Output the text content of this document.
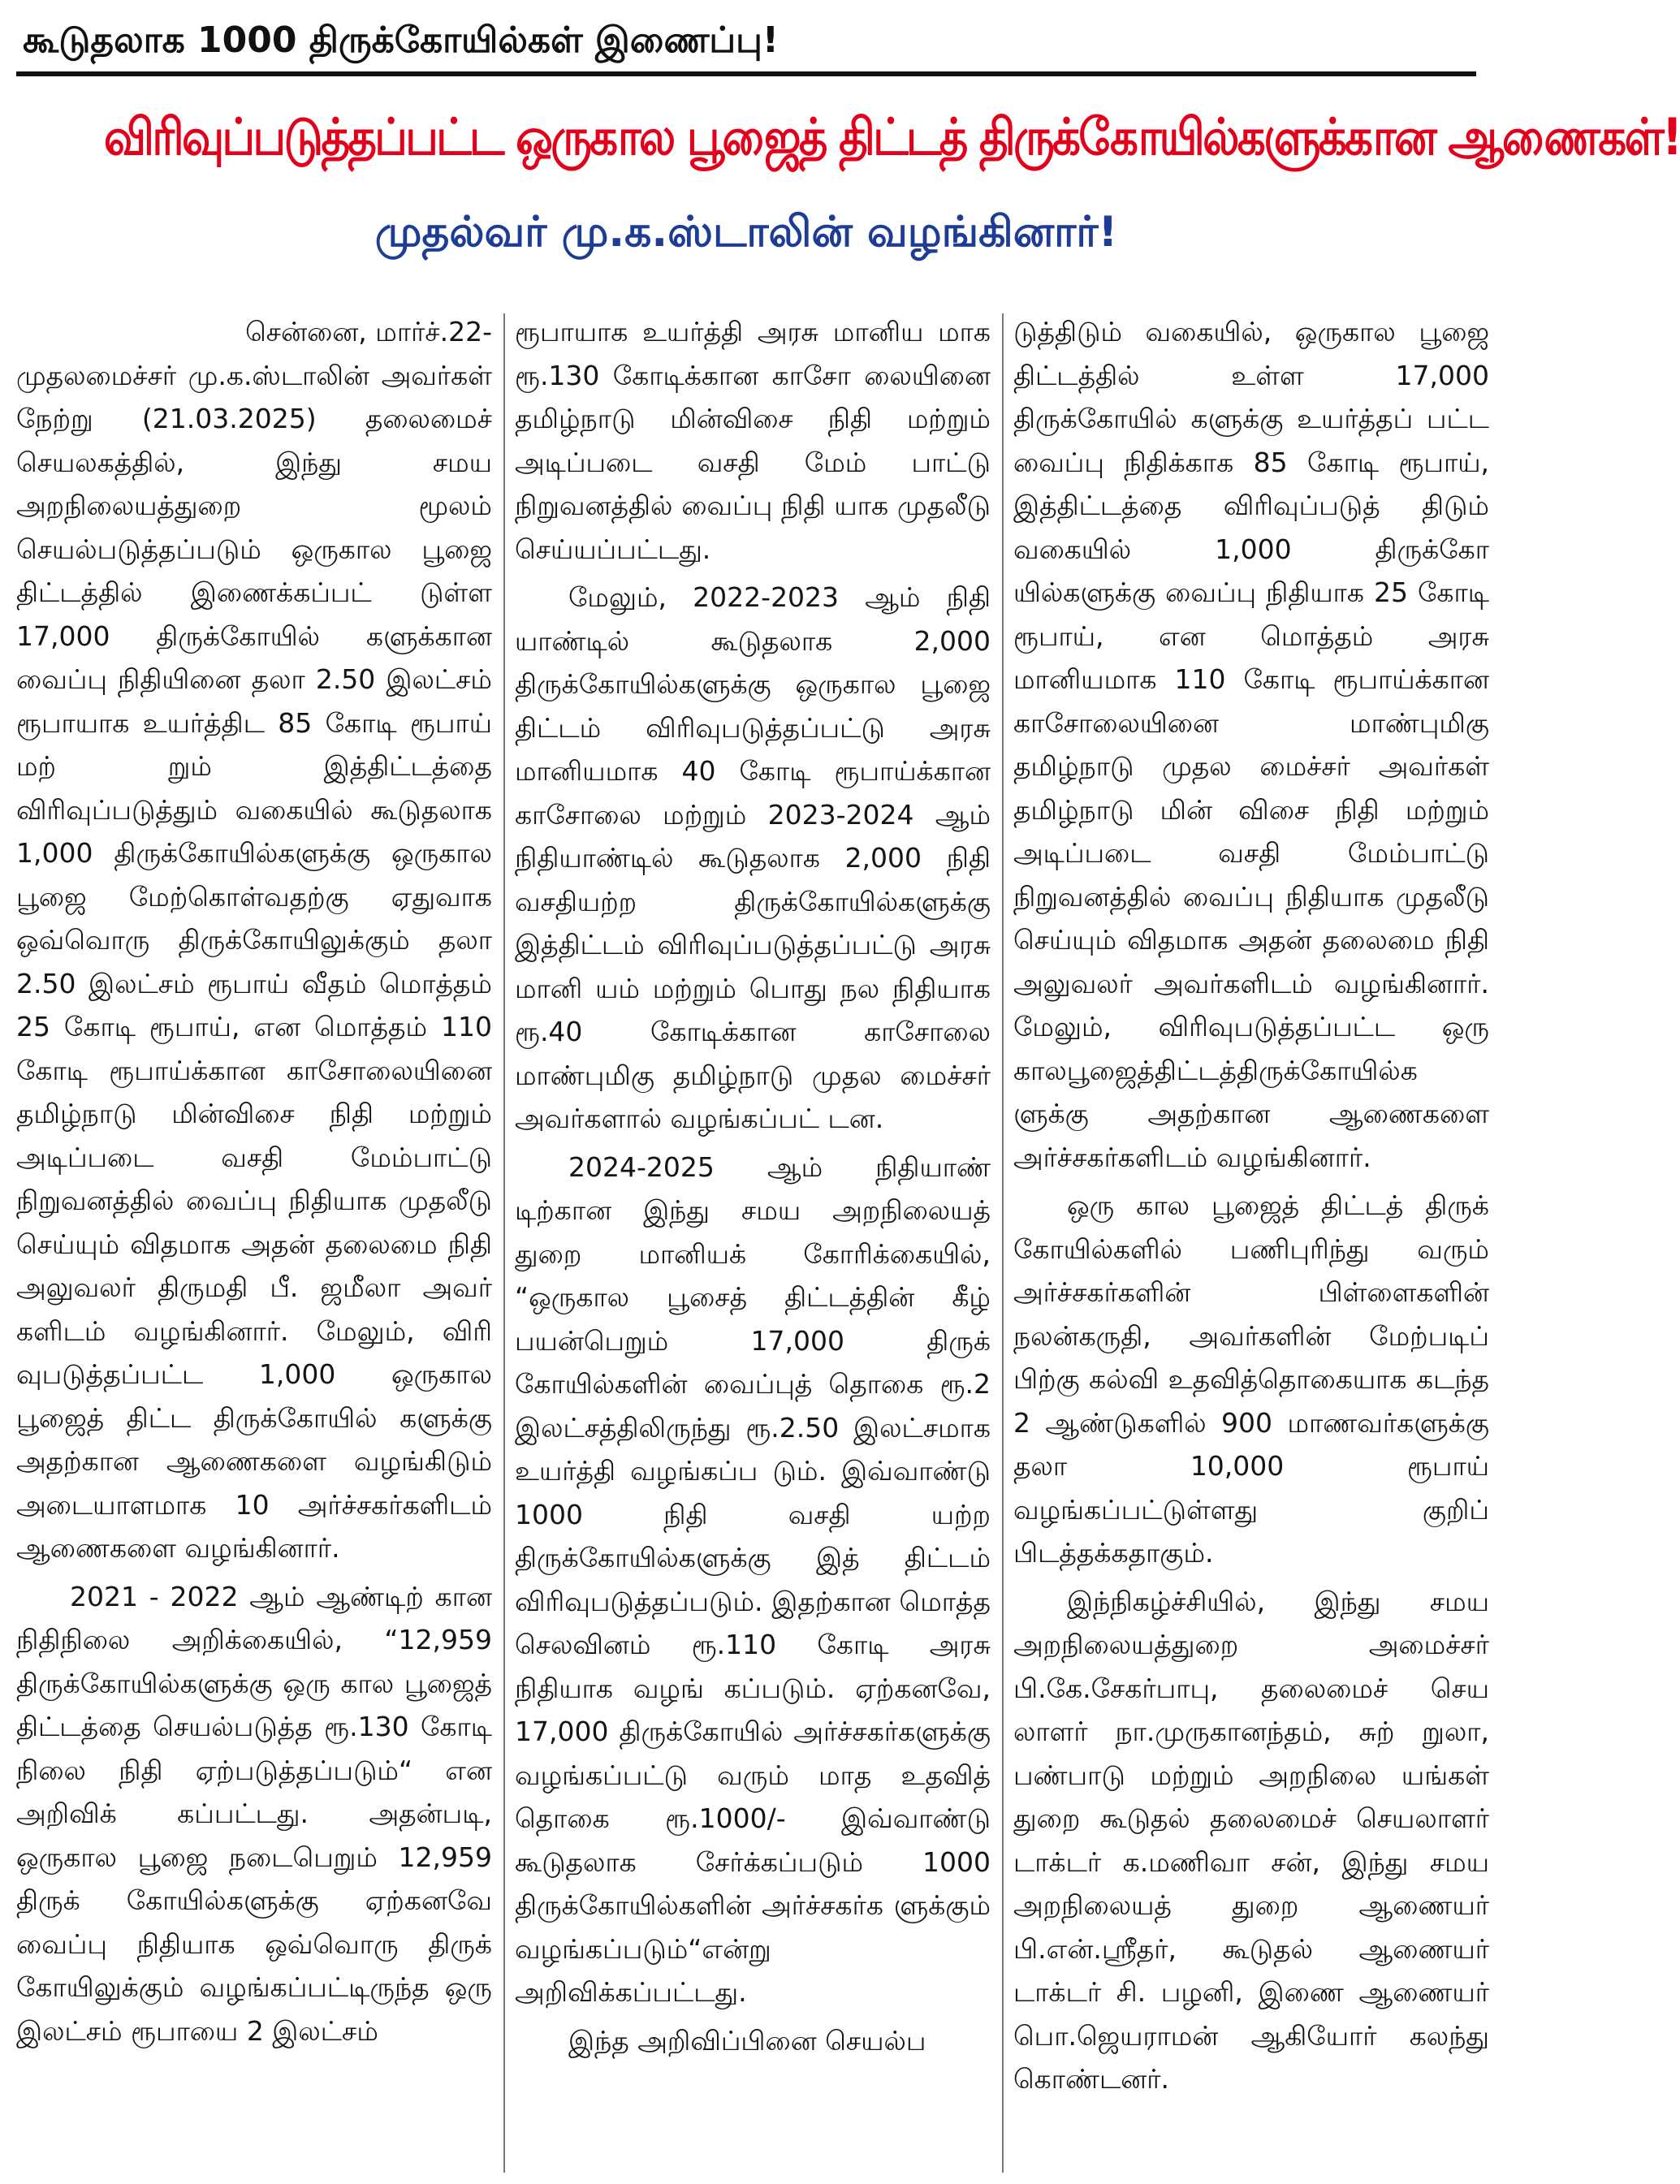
கூடுதலாக 1000 திருக்கோயில்கள் இணைப்பு!
விரிவுப்படுத்தப்பட்ட ஒருகால பூஜைத் திட்டத் திருக்கோயில்களுக்கான ஆணைகள்!
முதல்வர் மு.க.ஸ்டாலின் வழங்கினார்!
சென்னை, மார்ச்.22-

முதலமைச்சர் மு.க.ஸ்டாலின் அவர்கள் நேற்று (21.03.2025) தலைமைச் செயலகத்தில், இந்து சமய அறநிலையத்துறை மூலம் செயல்படுத்தப்படும் ஒருகால பூஜை திட்டத்தில் இணைக்கப்பட் டுள்ள 17,000 திருக்கோயில் களுக்கான வைப்பு நிதியினை தலா 2.50 இலட்சம் ரூபாயாக உயர்த்திட 85 கோடி ரூபாய் மற் றும் இத்திட்டத்தை விரிவுப்படுத்தும் வகையில் கூடுதலாக 1,000 திருக்கோயில்களுக்கு ஒருகால பூஜை மேற்கொள்வதற்கு ஏதுவாக ஒவ்வொரு திருக்கோயிலுக்கும் தலா 2.50 இலட்சம் ரூபாய் வீதம் மொத்தம் 25 கோடி ரூபாய், என மொத்தம் 110 கோடி ரூபாய்க்கான காசோலையினை தமிழ்நாடு மின்விசை நிதி மற்றும் அடிப்படை வசதி மேம்பாட்டு நிறுவனத்தில் வைப்பு நிதியாக முதலீடு செய்யும் விதமாக அதன் தலைமை நிதி அலுவலர் திருமதி பீ. ஜமீலா அவர் களிடம் வழங்கினார். மேலும், விரி வுபடுத்தப்பட்ட 1,000 ஒருகால பூஜைத் திட்ட திருக்கோயில் களுக்கு அதற்கான ஆணைகளை வழங்கிடும் அடையாளமாக 10 அர்ச்சகர்களிடம் ஆணைகளை வழங்கினார்.

2021 - 2022 ஆம் ஆண்டிற் கான நிதிநிலை அறிக்கையில், “12,959 திருக்கோயில்களுக்கு ஒரு கால பூஜைத் திட்டத்தை செயல்படுத்த ரூ.130 கோடி நிலை நிதி ஏற்படுத்தப்படும்“ என அறிவிக் கப்பட்டது. அதன்படி, ஒருகால பூஜை நடைபெறும் 12,959 திருக் கோயில்களுக்கு ஏற்கனவே வைப்பு நிதியாக ஒவ்வொரு திருக் கோயிலுக்கும் வழங்கப்பட்டிருந்த ஒரு இலட்சம் ரூபாயை 2 இலட்சம்

ரூபாயாக உயர்த்தி அரசு மானிய மாக ரூ.130 கோடிக்கான காசோ லையினை தமிழ்நாடு மின்விசை நிதி மற்றும் அடிப்படை வசதி மேம் பாட்டு நிறுவனத்தில் வைப்பு நிதி யாக முதலீடு செய்யப்பட்டது.

மேலும், 2022-2023 ஆம் நிதி யாண்டில் கூடுதலாக 2,000 திருக்கோயில்களுக்கு ஒருகால பூஜை திட்டம் விரிவுபடுத்தப்பட்டு அரசு மானியமாக 40 கோடி ரூபாய்க்கான காசோலை மற்றும் 2023-2024 ஆம் நிதியாண்டில் கூடுதலாக 2,000 நிதி வசதியற்ற திருக்கோயில்களுக்கு இத்திட்டம் விரிவுப்படுத்தப்பட்டு அரசு மானி யம் மற்றும் பொது நல நிதியாக ரூ.40 கோடிக்கான காசோலை மாண்புமிகு தமிழ்நாடு முதல மைச்சர் அவர்களால் வழங்கப்பட் டன.

2024-2025 ஆம் நிதியாண் டிற்கான இந்து சமய அறநிலையத் துறை மானியக் கோரிக்கையில், “ஒருகால பூசைத் திட்டத்தின் கீழ் பயன்பெறும் 17,000 திருக் கோயில்களின் வைப்புத் தொகை ரூ.2 இலட்சத்திலிருந்து ரூ.2.50 இலட்சமாக உயர்த்தி வழங்கப்ப டும். இவ்வாண்டு 1000 நிதி வசதி யற்ற திருக்கோயில்களுக்கு இத் திட்டம் விரிவுபடுத்தப்படும். இதற்கான மொத்த செலவினம் ரூ.110 கோடி அரசு நிதியாக வழங் கப்படும். ஏற்கனவே, 17,000 திருக்கோயில் அர்ச்சகர்களுக்கு வழங்கப்பட்டு வரும் மாத உதவித் தொகை ரூ.1000/- இவ்வாண்டு கூடுதலாக சேர்க்கப்படும் 1000 திருக்கோயில்களின் அர்ச்சகர்க ளுக்கும் வழங்கப்படும்“என்று அறிவிக்கப்பட்டது.

இந்த அறிவிப்பினை செயல்ப

டுத்திடும் வகையில், ஒருகால பூஜை திட்டத்தில் உள்ள 17,000 திருக்கோயில் களுக்கு உயர்த்தப் பட்ட வைப்பு நிதிக்காக 85 கோடி ரூபாய், இத்திட்டத்தை விரிவுப்படுத் திடும் வகையில் 1,000 திருக்கோ யில்களுக்கு வைப்பு நிதியாக 25 கோடி ரூபாய், என மொத்தம் அரசு மானியமாக 110 கோடி ரூபாய்க்கான காசோலையினை மாண்புமிகு தமிழ்நாடு முதல மைச்சர் அவர்கள் தமிழ்நாடு மின் விசை நிதி மற்றும் அடிப்படை வசதி மேம்பாட்டு நிறுவனத்தில் வைப்பு நிதியாக முதலீடு செய்யும் விதமாக அதன் தலைமை நிதி அலுவலர் அவர்களிடம் வழங்கினார். மேலும், விரிவுபடுத்தப்பட்ட ஒரு காலபூஜைத்திட்டத்திருக்கோயில்க ளுக்கு அதற்கான ஆணைகளை அர்ச்சகர்களிடம் வழங்கினார்.

ஒரு கால பூஜைத் திட்டத் திருக் கோயில்களில் பணிபுரிந்து வரும் அர்ச்சகர்களின் பிள்ளைகளின் நலன்கருதி, அவர்களின் மேற்படிப் பிற்கு கல்வி உதவித்தொகையாக கடந்த 2 ஆண்டுகளில் 900 மாணவர்களுக்கு தலா 10,000 ரூபாய் வழங்கப்பட்டுள்ளது குறிப் பிடத்தக்கதாகும்.

இந்நிகழ்ச்சியில், இந்து சமய அறநிலையத்துறை அமைச்சர் பி.கே.சேகர்பாபு, தலைமைச் செய லாளர் நா.முருகானந்தம், சுற் றுலா, பண்பாடு மற்றும் அறநிலை யங்கள் துறை கூடுதல் தலைமைச் செயலாளர் டாக்டர் க.மணிவா சன், இந்து சமய அறநிலையத் துறை ஆணையர் பி.என்.ஸ்ரீதர், கூடுதல் ஆணையர் டாக்டர் சி. பழனி, இணை ஆணையர் பொ.ஜெயராமன் ஆகியோர் கலந்து கொண்டனர்.
